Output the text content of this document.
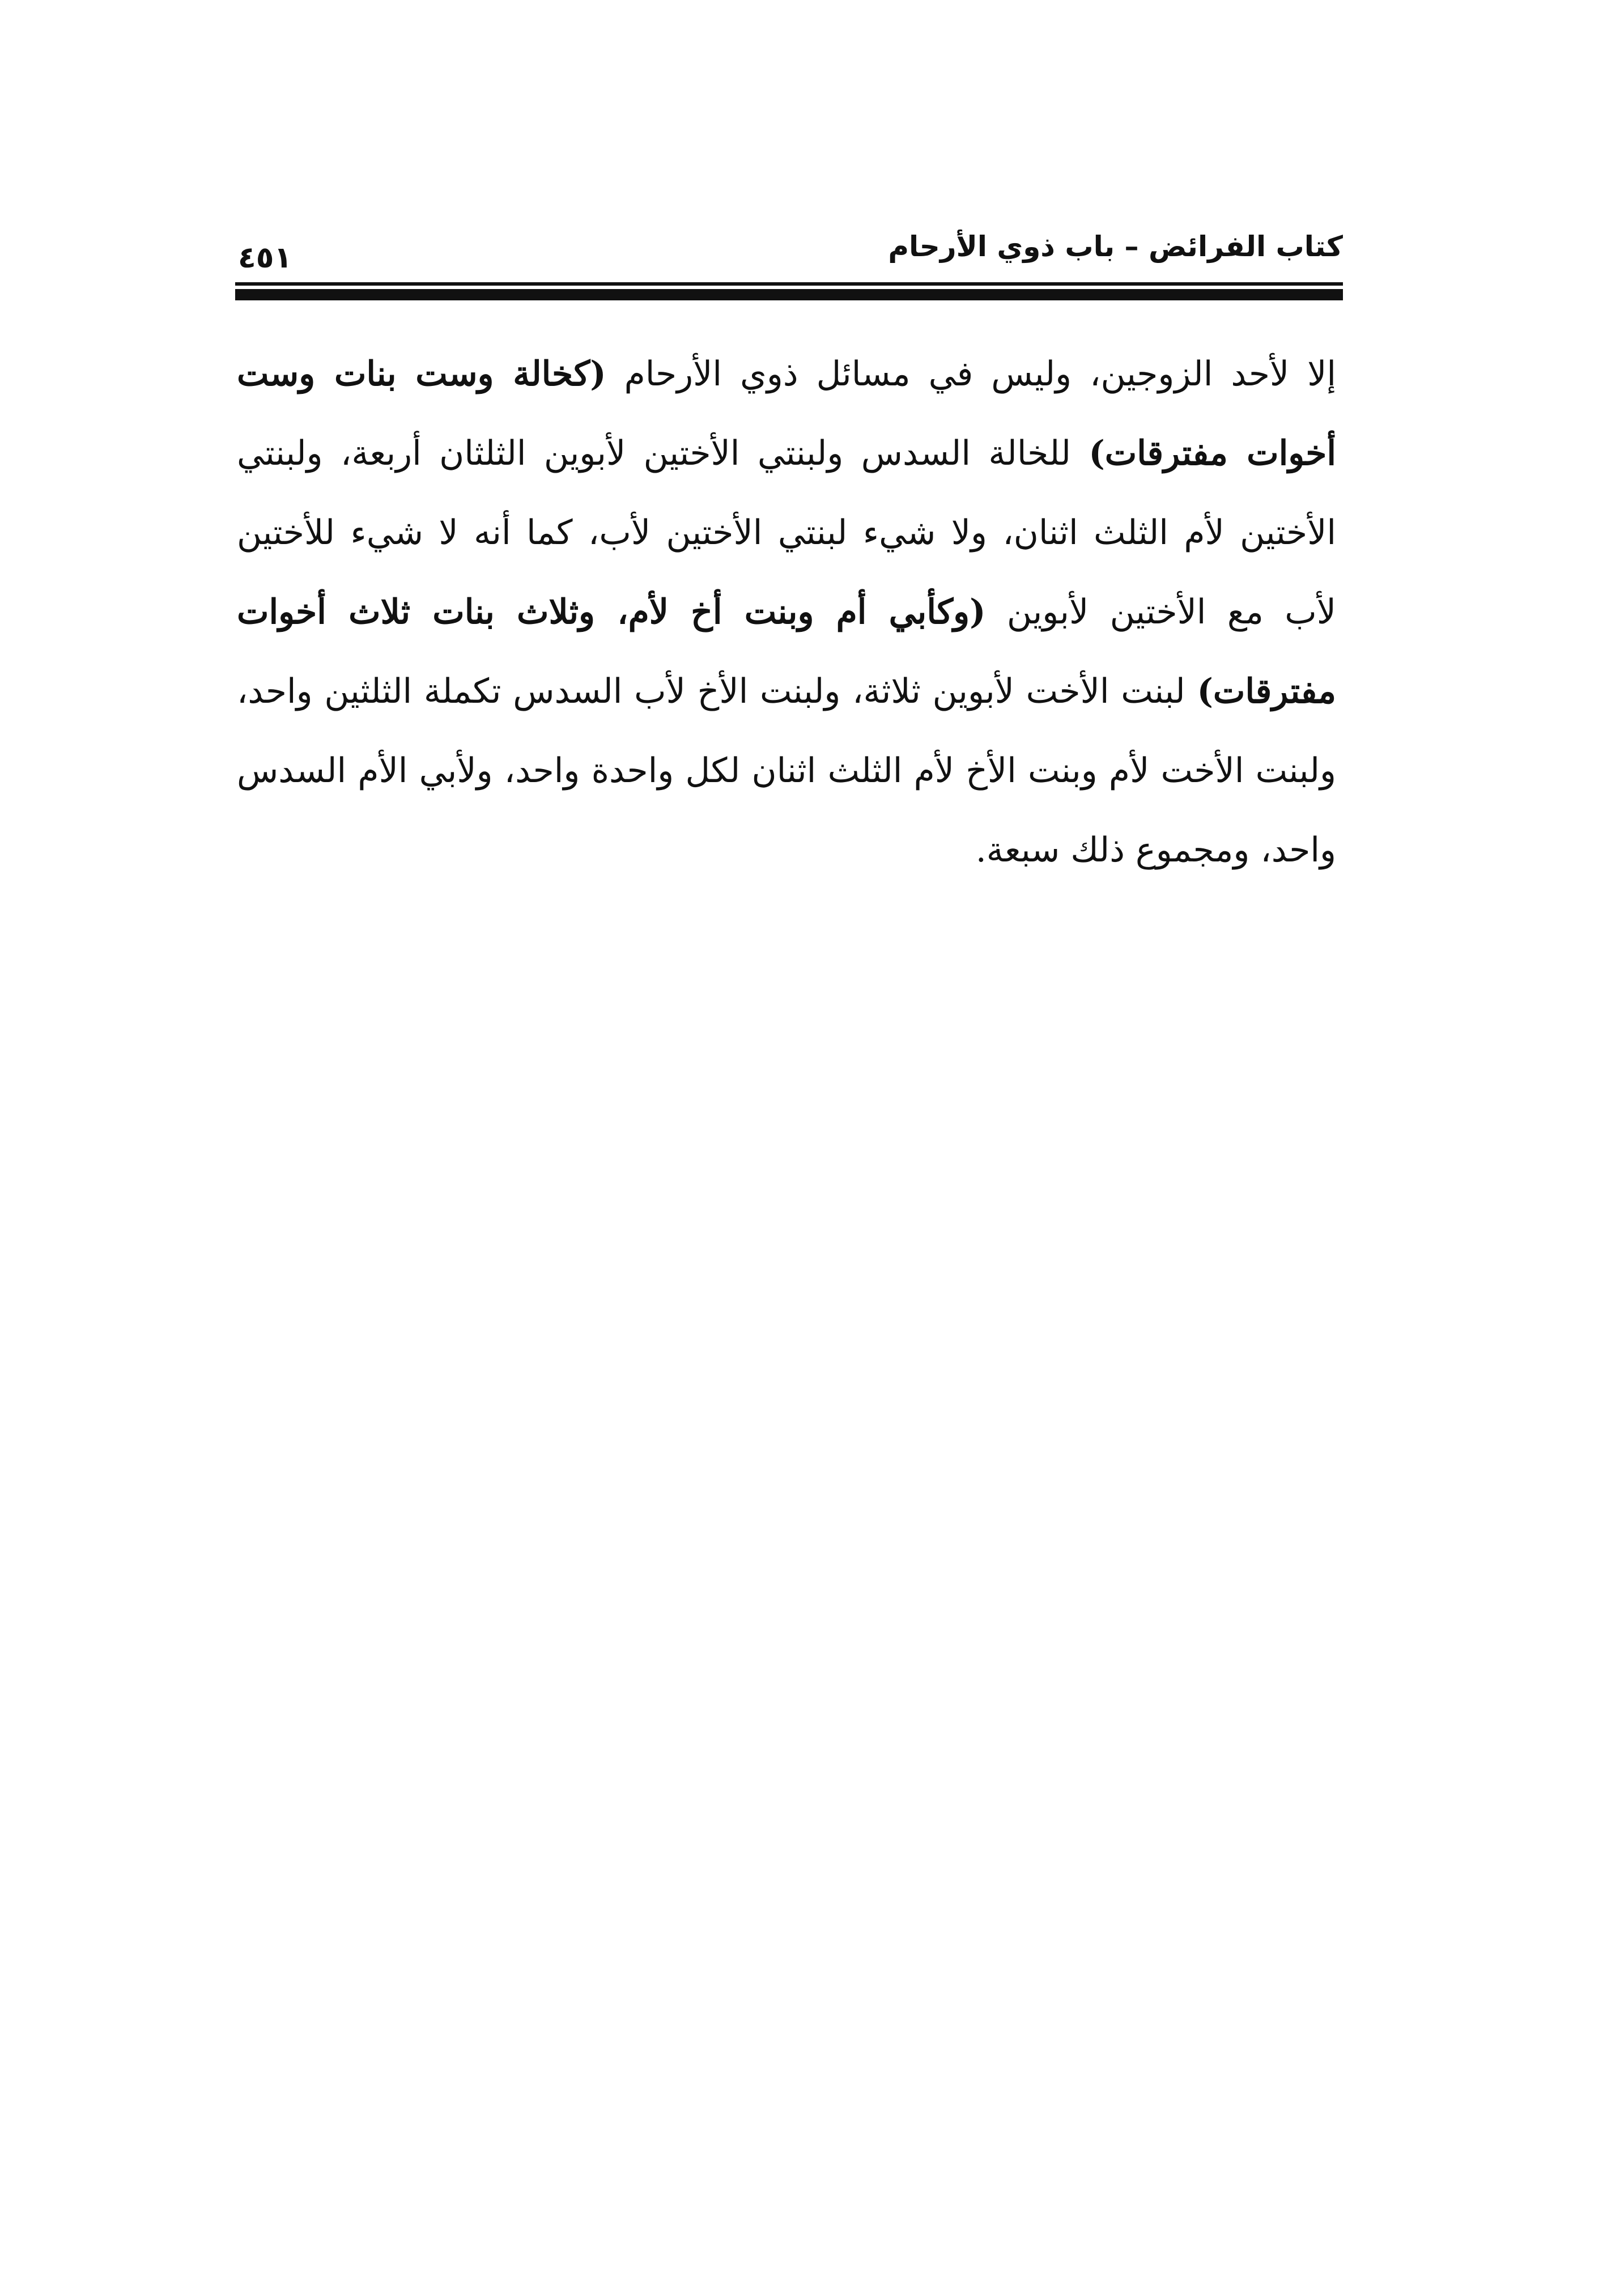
كتاب الفرائض – باب ذوي الأرحام
٤٥١
إلا لأحد الزوجين، وليس في مسائل ذوي الأرحام (كخالة وست بنات وست أخوات مفترقات) للخالة السدس ولبنتي الأختين لأبوين الثلثان أربعة، ولبنتي الأختين لأم الثلث اثنان، ولا شيء لبنتي الأختين لأب، كما أنه لا شيء للأختين لأب مع الأختين لأبوين (وكأبي أم وبنت أخ لأم، وثلاث بنات ثلاث أخوات مفترقات) لبنت الأخت لأبوين ثلاثة، ولبنت الأخ لأب السدس تكملة الثلثين واحد، ولبنت الأخت لأم وبنت الأخ لأم الثلث اثنان لكل واحدة واحد، ولأبي الأم السدس واحد، ومجموع ذلك سبعة.
